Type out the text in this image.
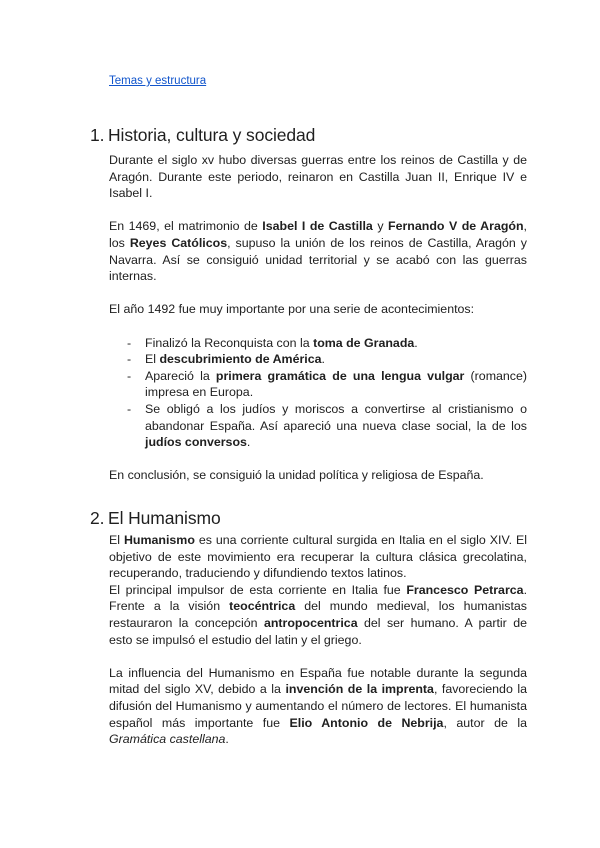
Temas y estructura
1. Historia, cultura y sociedad

Durante el siglo xv hubo diversas guerras entre los reinos de Castilla y de Aragón. Durante este periodo, reinaron en Castilla Juan II, Enrique IV e Isabel I.

En 1469, el matrimonio de Isabel I de Castilla y Fernando V de Aragón, los Reyes Católicos, supuso la unión de los reinos de Castilla, Aragón y Navarra. Así se consiguió unidad territorial y se acabó con las guerras internas.

El año 1492 fue muy importante por una serie de acontecimientos:

- Finalizó la Reconquista con la toma de Granada.
- El descubrimiento de América.
- Apareció la primera gramática de una lengua vulgar (romance) impresa en Europa.
- Se obligó a los judíos y moriscos a convertirse al cristianismo o abandonar España. Así apareció una nueva clase social, la de los judíos conversos.

En conclusión, se consiguió la unidad política y religiosa de España.

2. El Humanismo

El Humanismo es una corriente cultural surgida en Italia en el siglo XIV. El objetivo de este movimiento era recuperar la cultura clásica grecolatina, recuperando, traduciendo y difundiendo textos latinos.

El principal impulsor de esta corriente en Italia fue Francesco Petrarca. Frente a la visión teocéntrica del mundo medieval, los humanistas restauraron la concepción antropocentrica del ser humano. A partir de esto se impulsó el estudio del latin y el griego.

La influencia del Humanismo en España fue notable durante la segunda mitad del siglo XV, debido a la invención de la imprenta, favoreciendo la difusión del Humanismo y aumentando el número de lectores. El humanista español más importante fue Elio Antonio de Nebrija, autor de la Gramática castellana.
